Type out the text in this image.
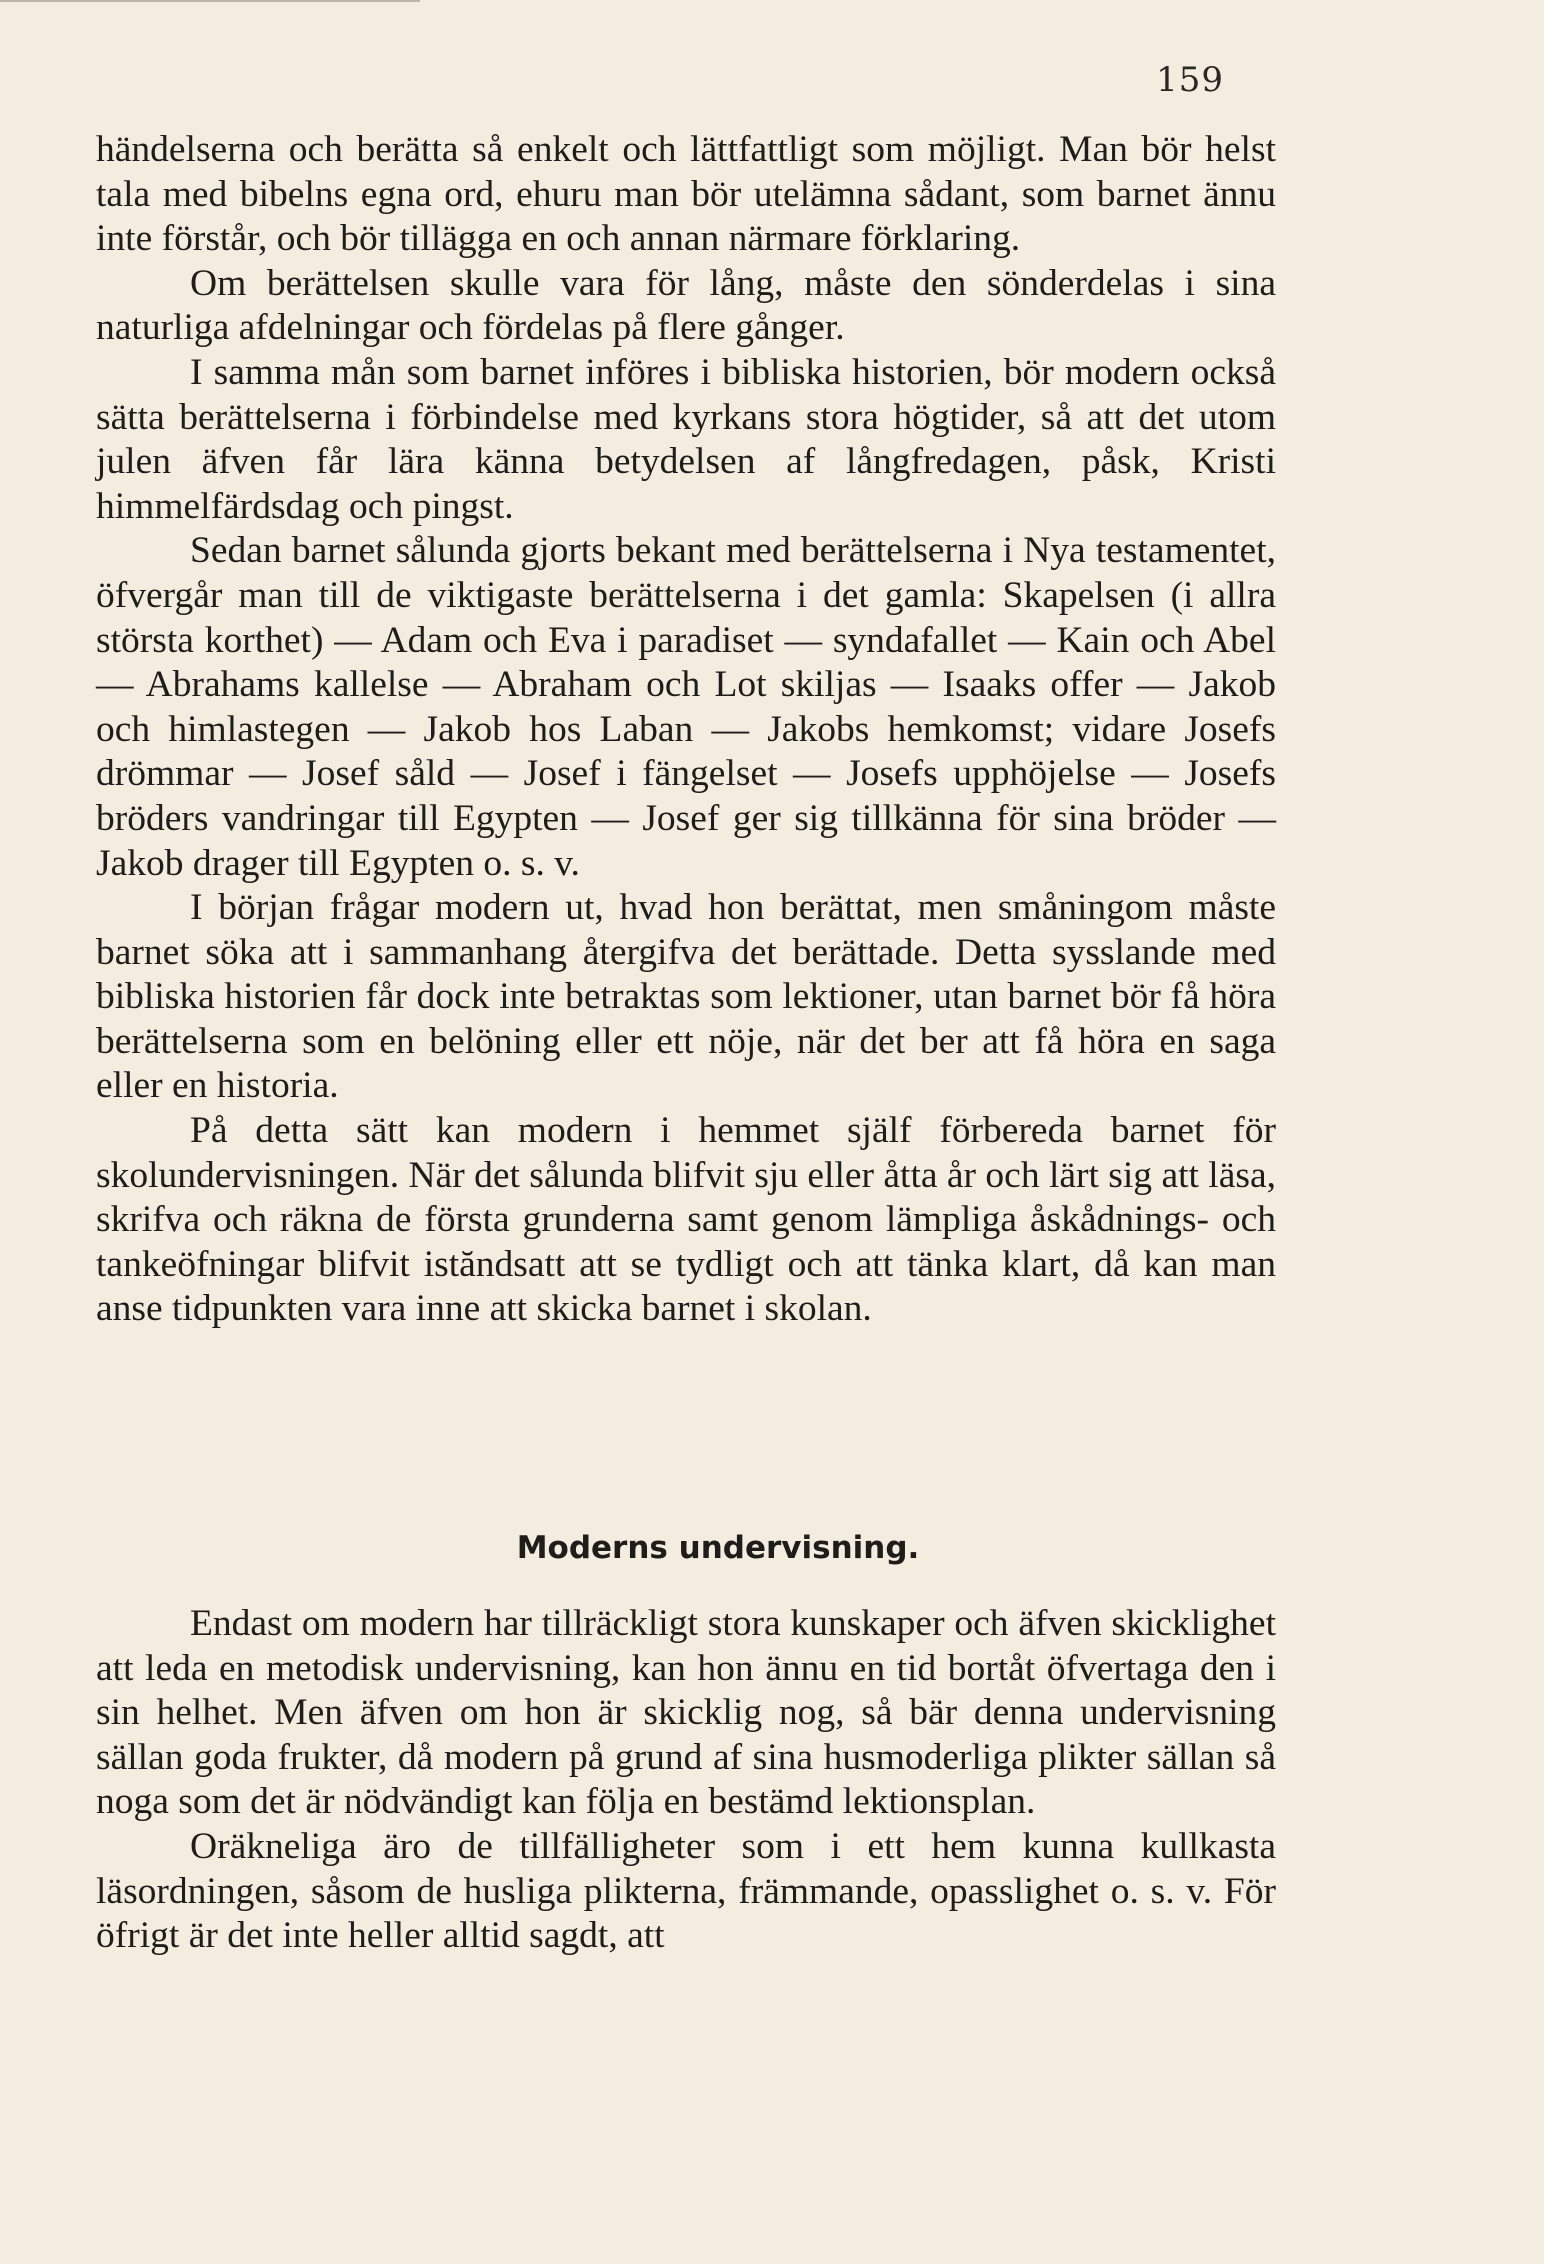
159

händelserna och berätta så enkelt och lättfattligt som möjligt. Man bör helst tala med bibelns egna ord, ehuru man bör utelämna sådant, som barnet ännu inte förstår, och bör tillägga en och annan närmare förklaring.

Om berättelsen skulle vara för lång, måste den sönderdelas i sina naturliga afdelningar och fördelas på flere gånger.

I samma mån som barnet införes i bibliska historien, bör modern också sätta berättelserna i förbindelse med kyrkans stora högtider, så att det utom julen äfven får lära känna betydelsen af långfredagen, påsk, Kristi himmelfärdsdag och pingst.

Sedan barnet sålunda gjorts bekant med berättelserna i Nya testamentet, öfvergår man till de viktigaste berättelserna i det gamla: Skapelsen (i allra största korthet) — Adam och Eva i paradiset — syndafallet — Kain och Abel — Abrahams kallelse — Abraham och Lot skiljas — Isaaks offer — Jakob och himlastegen — Jakob hos Laban — Jakobs hemkomst; vidare Josefs drömmar — Josef såld — Josef i fängelset — Josefs upphöjelse — Josefs bröders vandringar till Egypten — Josef ger sig tillkänna för sina bröder — Jakob drager till Egypten o. s. v.

I början frågar modern ut, hvad hon berättat, men småningom måste barnet söka att i sammanhang återgifva det berättade. Detta sysslande med bibliska historien får dock inte betraktas som lektioner, utan barnet bör få höra berättelserna som en belöning eller ett nöje, när det ber att få höra en saga eller en historia.

På detta sätt kan modern i hemmet själf förbereda barnet för skolundervisningen. När det sålunda blifvit sju eller åtta år och lärt sig att läsa, skrifva och räkna de första grunderna samt genom lämpliga åskådnings- och tankeöfningar blifvit istăndsatt att se tydligt och att tänka klart, då kan man anse tidpunkten vara inne att skicka barnet i skolan.

Moderns undervisning.

Endast om modern har tillräckligt stora kunskaper och äfven skicklighet att leda en metodisk undervisning, kan hon ännu en tid bortåt öfvertaga den i sin helhet. Men äfven om hon är skicklig nog, så bär denna undervisning sällan goda frukter, då modern på grund af sina husmoderliga plikter sällan så noga som det är nödvändigt kan följa en bestämd lektionsplan.

Oräkneliga äro de tillfälligheter som i ett hem kunna kullkasta läsordningen, såsom de husliga plikterna, främmande, opasslighet o. s. v. För öfrigt är det inte heller alltid sagdt, att
